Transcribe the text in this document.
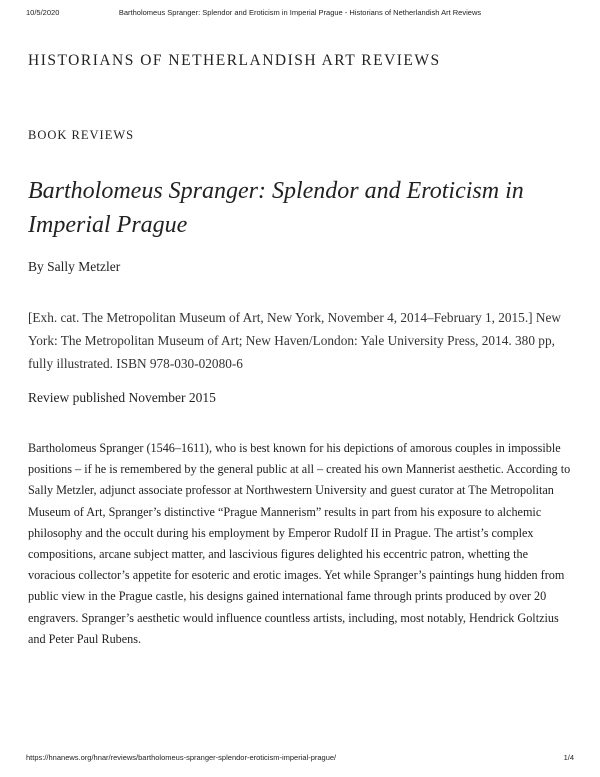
10/5/2020	Bartholomeus Spranger: Splendor and Eroticism in Imperial Prague - Historians of Netherlandish Art Reviews
HISTORIANS OF NETHERLANDISH ART REVIEWS
BOOK REVIEWS
Bartholomeus Spranger: Splendor and Eroticism in Imperial Prague
By Sally Metzler

[Exh. cat. The Metropolitan Museum of Art, New York, November 4, 2014–February 1, 2015.] New York: The Metropolitan Museum of Art; New Haven/London: Yale University Press, 2014. 380 pp, fully illustrated. ISBN 978-030-02080-6

Review published November 2015

Bartholomeus Spranger (1546–1611), who is best known for his depictions of amorous couples in impossible positions – if he is remembered by the general public at all – created his own Mannerist aesthetic. According to Sally Metzler, adjunct associate professor at Northwestern University and guest curator at The Metropolitan Museum of Art, Spranger’s distinctive “Prague Mannerism” results in part from his exposure to alchemic philosophy and the occult during his employment by Emperor Rudolf II in Prague. The artist’s complex compositions, arcane subject matter, and lascivious figures delighted his eccentric patron, whetting the voracious collector’s appetite for esoteric and erotic images. Yet while Spranger’s paintings hung hidden from public view in the Prague castle, his designs gained international fame through prints produced by over 20 engravers. Spranger’s aesthetic would influence countless artists, including, most notably, Hendrick Goltzius and Peter Paul Rubens.

https://hnanews.org/hnar/reviews/bartholomeus-spranger-splendor-eroticism-imperial-prague/	1/4
